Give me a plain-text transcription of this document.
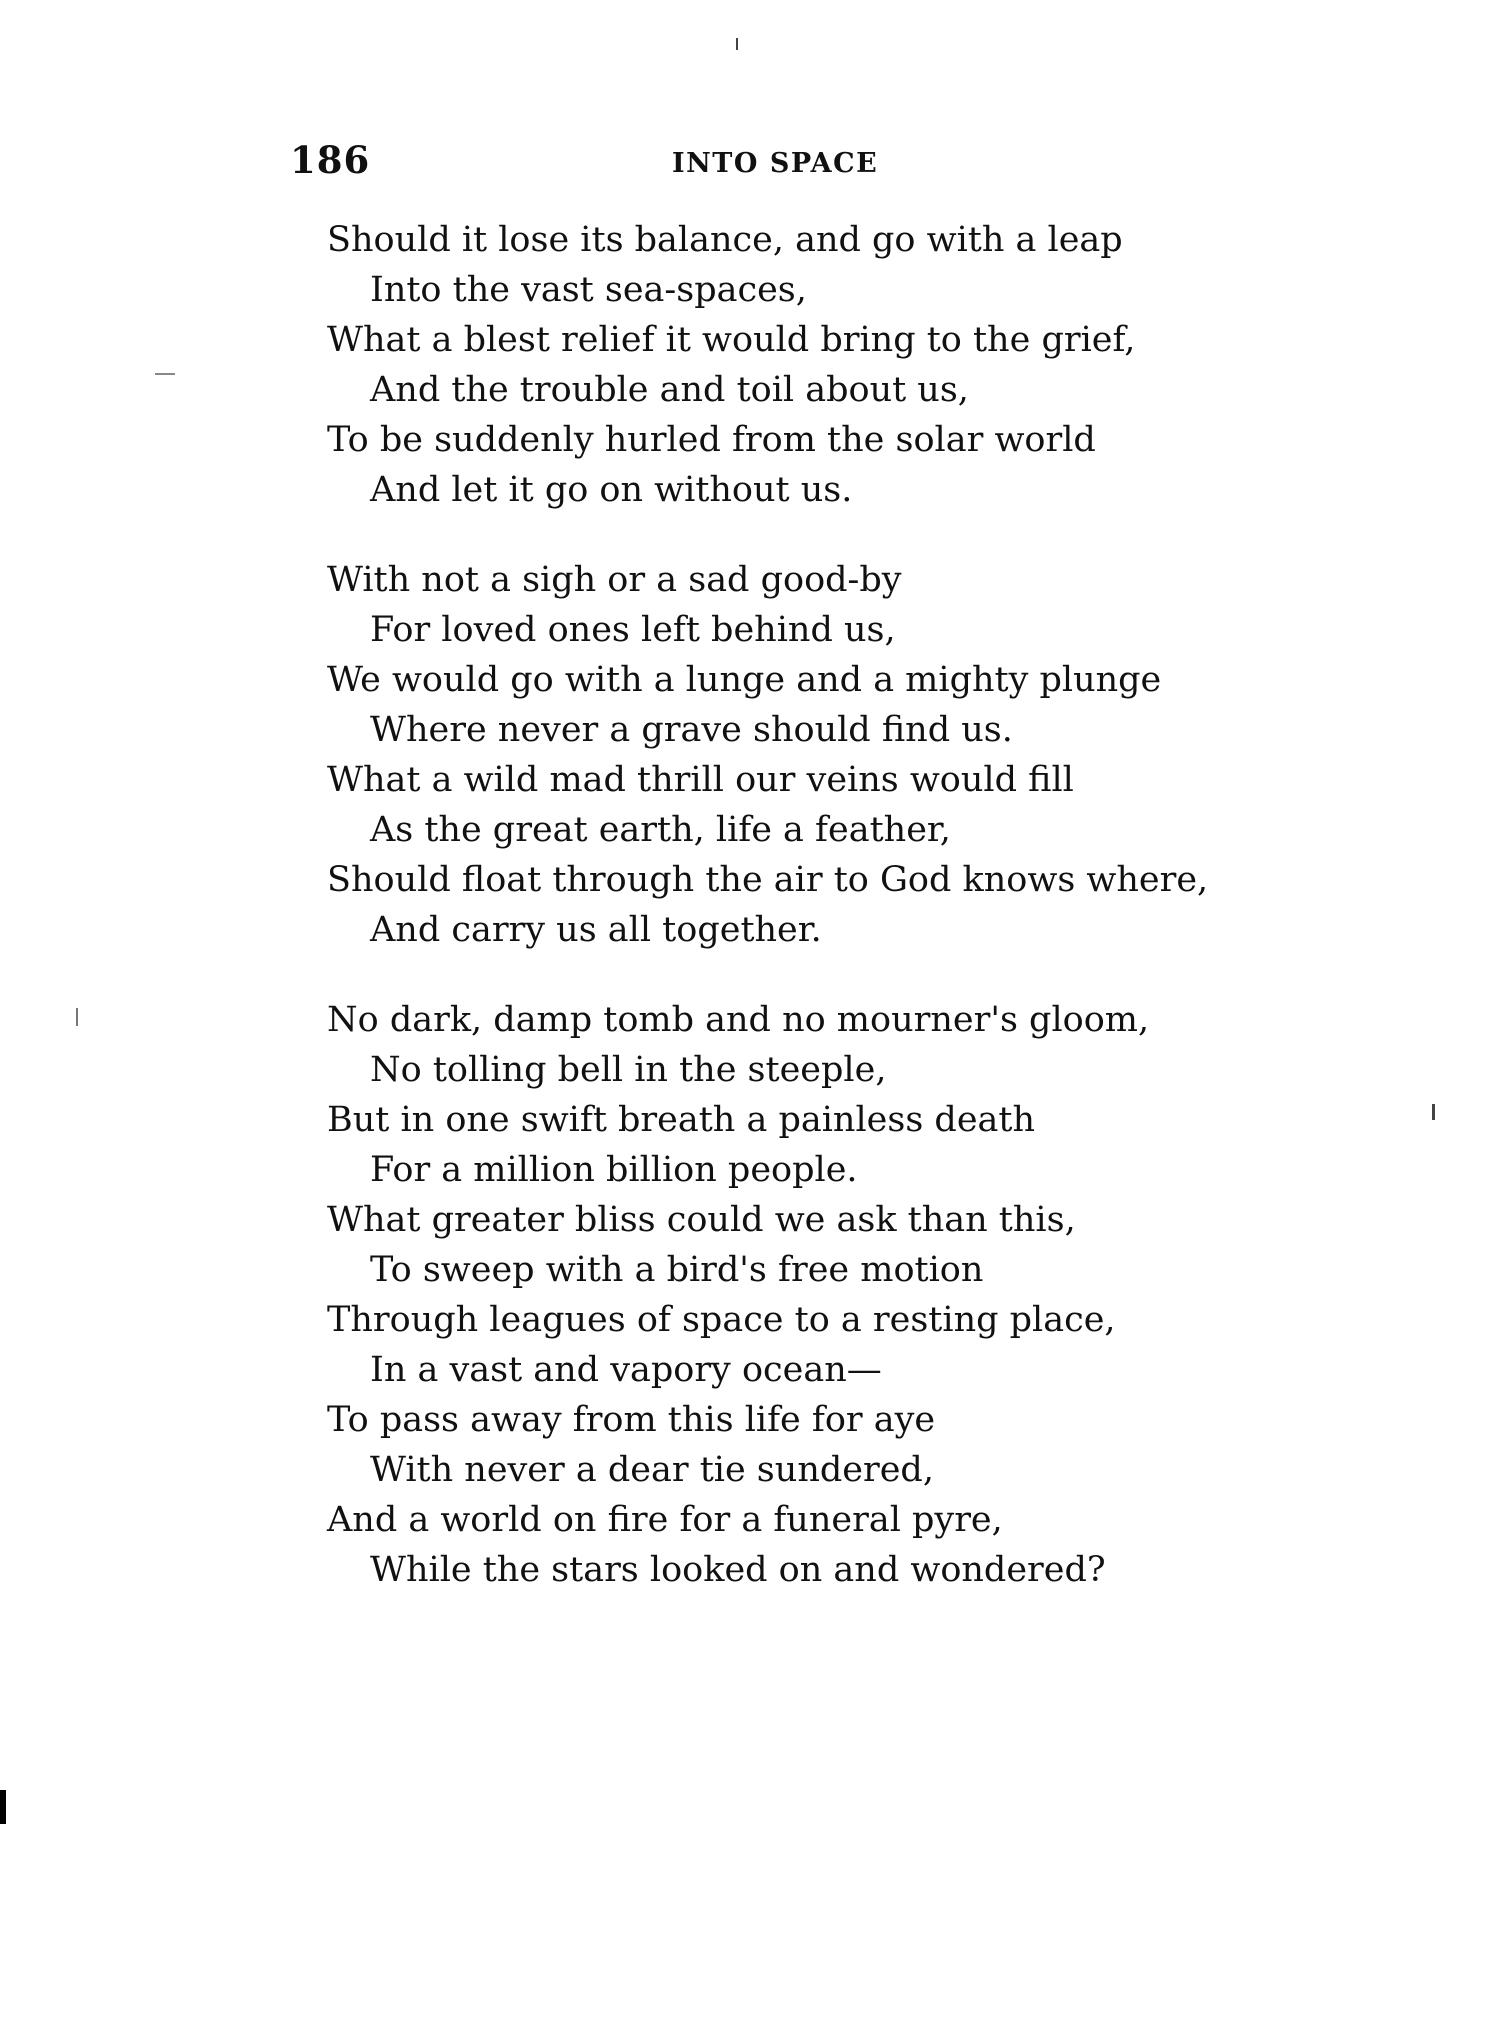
186	INTO SPACE
Should it lose its balance, and go with a leap
Into the vast sea-spaces,
What a blest relief it would bring to the grief,
And the trouble and toil about us,
To be suddenly hurled from the solar world
And let it go on without us.
With not a sigh or a sad good-by
For loved ones left behind us,
We would go with a lunge and a mighty plunge
Where never a grave should find us.
What a wild mad thrill our veins would fill
As the great earth, life a feather,
Should float through the air to God knows where,
And carry us all together.
No dark, damp tomb and no mourner's gloom,
No tolling bell in the steeple,
But in one swift breath a painless death
For a million billion people.
What greater bliss could we ask than this,
To sweep with a bird's free motion
Through leagues of space to a resting place,
In a vast and vapory ocean—
To pass away from this life for aye
With never a dear tie sundered,
And a world on fire for a funeral pyre,
While the stars looked on and wondered?
